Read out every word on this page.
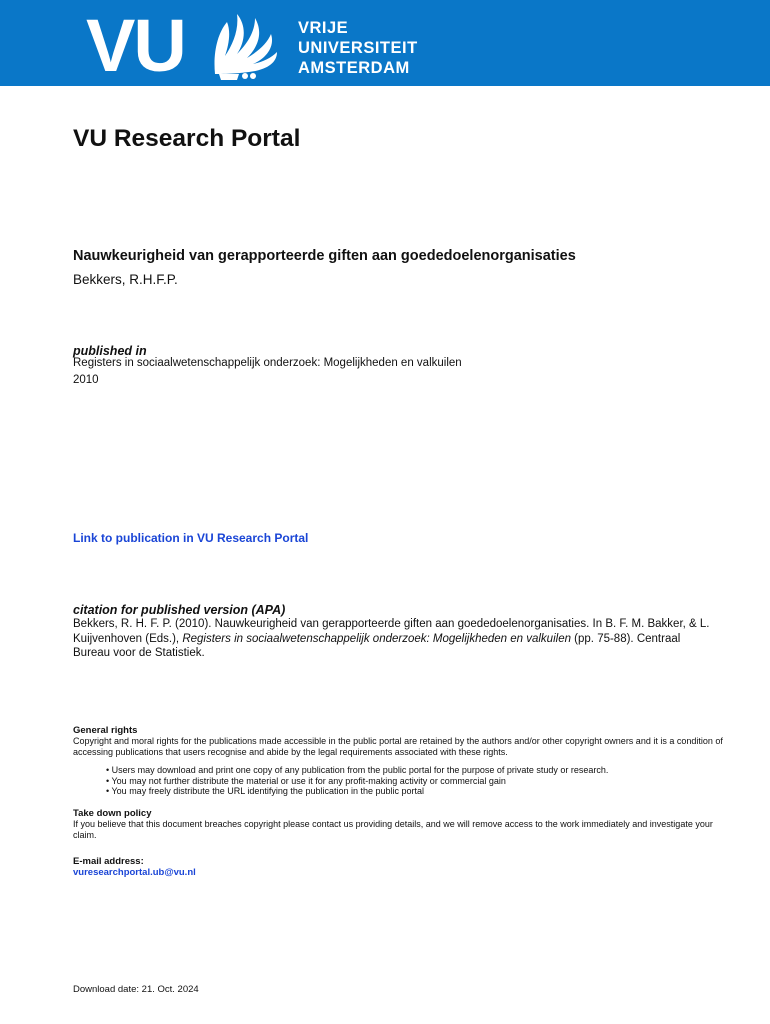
VU	VRIJE
UNIVERSITEIT
AMSTERDAM
VU Research Portal
Nauwkeurigheid van gerapporteerde giften aan goededoelenorganisaties
Bekkers, R.H.F.P.
published in
Registers in sociaalwetenschappelijk onderzoek: Mogelijkheden en valkuilen
2010
Link to publication in VU Research Portal
citation for published version (APA)
Bekkers, R. H. F. P. (2010). Nauwkeurigheid van gerapporteerde giften aan goededoelenorganisaties. In B. F. M. Bakker, & L. Kuijvenhoven (Eds.), Registers in sociaalwetenschappelijk onderzoek: Mogelijkheden en valkuilen (pp. 75-88). Centraal Bureau voor de Statistiek.
General rights
Copyright and moral rights for the publications made accessible in the public portal are retained by the authors and/or other copyright owners and it is a condition of accessing publications that users recognise and abide by the legal requirements associated with these rights.
• Users may download and print one copy of any publication from the public portal for the purpose of private study or research.
• You may not further distribute the material or use it for any profit-making activity or commercial gain
• You may freely distribute the URL identifying the publication in the public portal
Take down policy
If you believe that this document breaches copyright please contact us providing details, and we will remove access to the work immediately and investigate your claim.
E-mail address:
vuresearchportal.ub@vu.nl
Download date: 21. Oct. 2024
